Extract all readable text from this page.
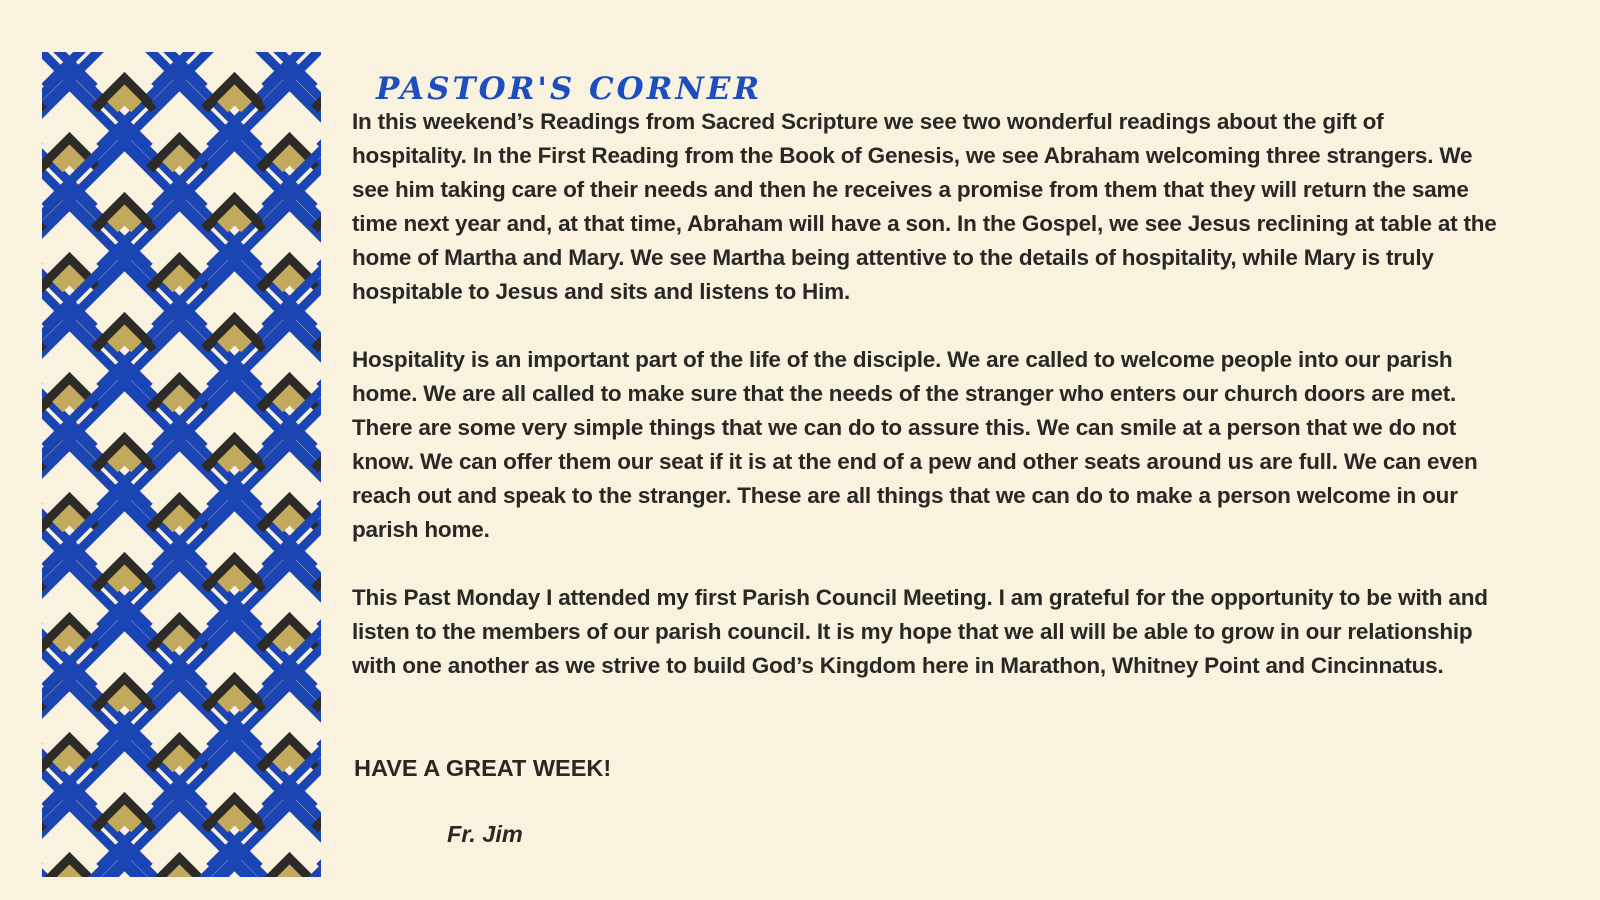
PASTOR'S CORNER

In this weekend’s Readings from Sacred Scripture we see two wonderful readings about the gift of hospitality. In the First Reading from the Book of Genesis, we see Abraham welcoming three strangers. We see him taking care of their needs and then he receives a promise from them that they will return the same time next year and, at that time, Abraham will have a son. In the Gospel, we see Jesus reclining at table at the home of Martha and Mary. We see Martha being attentive to the details of hospitality, while Mary is truly hospitable to Jesus and sits and listens to Him.

Hospitality is an important part of the life of the disciple. We are called to welcome people into our parish home. We are all called to make sure that the needs of the stranger who enters our church doors are met. There are some very simple things that we can do to assure this. We can smile at a person that we do not know. We can offer them our seat if it is at the end of a pew and other seats around us are full. We can even reach out and speak to the stranger. These are all things that we can do to make a person welcome in our parish home.

This Past Monday I attended my first Parish Council Meeting. I am grateful for the opportunity to be with and listen to the members of our parish council. It is my hope that we all will be able to grow in our relationship with one another as we strive to build God’s Kingdom here in Marathon, Whitney Point and Cincinnatus.

HAVE A GREAT WEEK!

Fr. Jim
